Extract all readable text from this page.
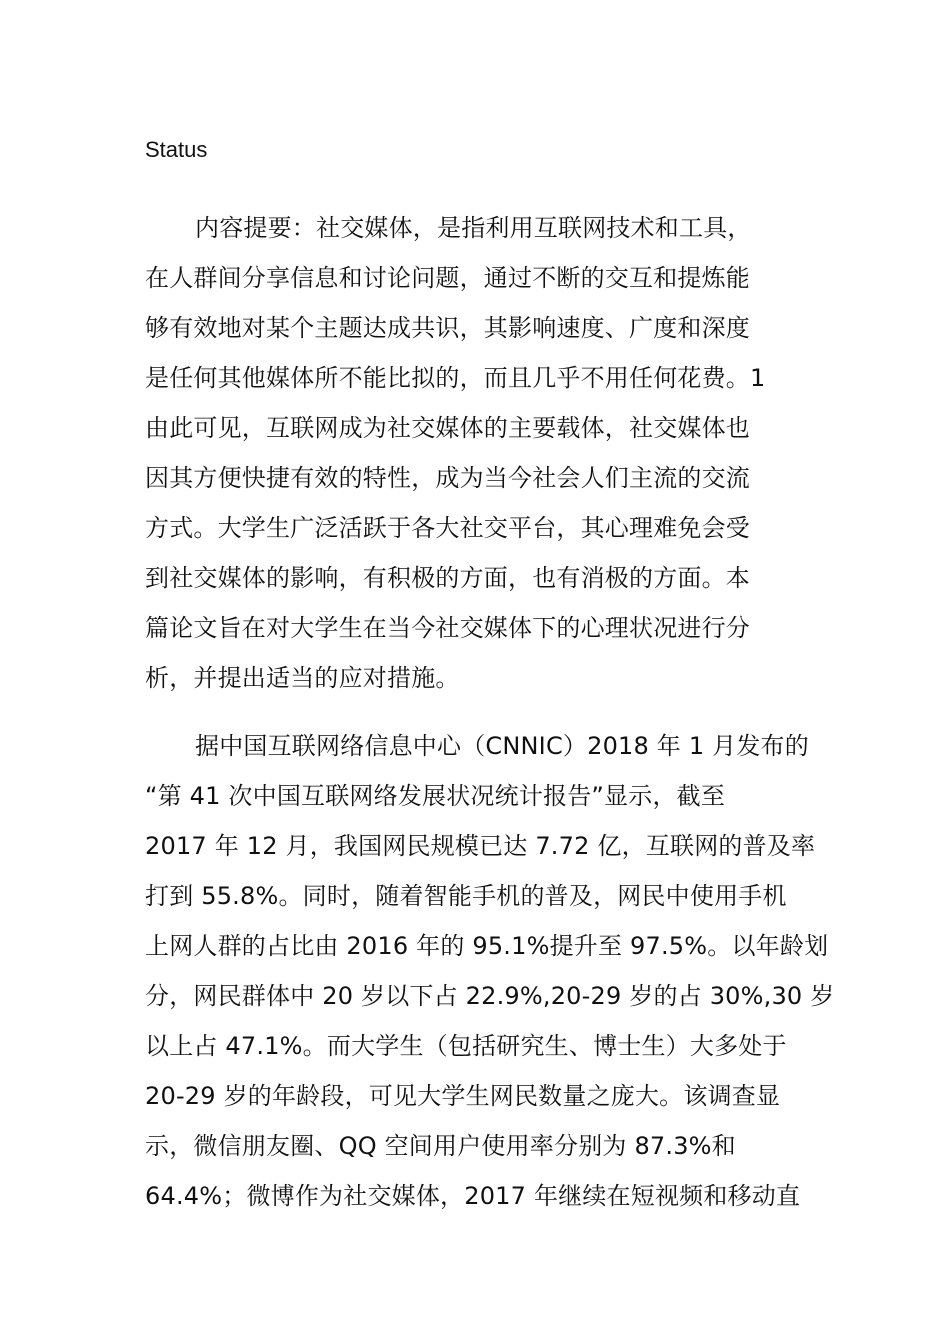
Status
内容提要：社交媒体，是指利用互联网技术和工具，
在人群间分享信息和讨论问题，通过不断的交互和提炼能
够有效地对某个主题达成共识，其影响速度、广度和深度
是任何其他媒体所不能比拟的，而且几乎不用任何花费。1
由此可见，互联网成为社交媒体的主要载体，社交媒体也
因其方便快捷有效的特性，成为当今社会人们主流的交流
方式。大学生广泛活跃于各大社交平台，其心理难免会受
到社交媒体的影响，有积极的方面，也有消极的方面。本
篇论文旨在对大学生在当今社交媒体下的心理状况进行分
析，并提出适当的应对措施。
据中国互联网络信息中心（CNNIC）2018 年 1 月发布的
“第 41 次中国互联网络发展状况统计报告”显示，截至
2017 年 12 月，我国网民规模已达 7.72 亿，互联网的普及率
打到 55.8%。同时，随着智能手机的普及，网民中使用手机
上网人群的占比由 2016 年的 95.1%提升至 97.5%。以年龄划
分，网民群体中 20 岁以下占 22.9%,20-29 岁的占 30%,30 岁
以上占 47.1%。而大学生（包括研究生、博士生）大多处于
20-29 岁的年龄段，可见大学生网民数量之庞大。该调查显
示，微信朋友圈、QQ 空间用户使用率分别为 87.3%和
64.4%；微博作为社交媒体，2017 年继续在短视频和移动直
